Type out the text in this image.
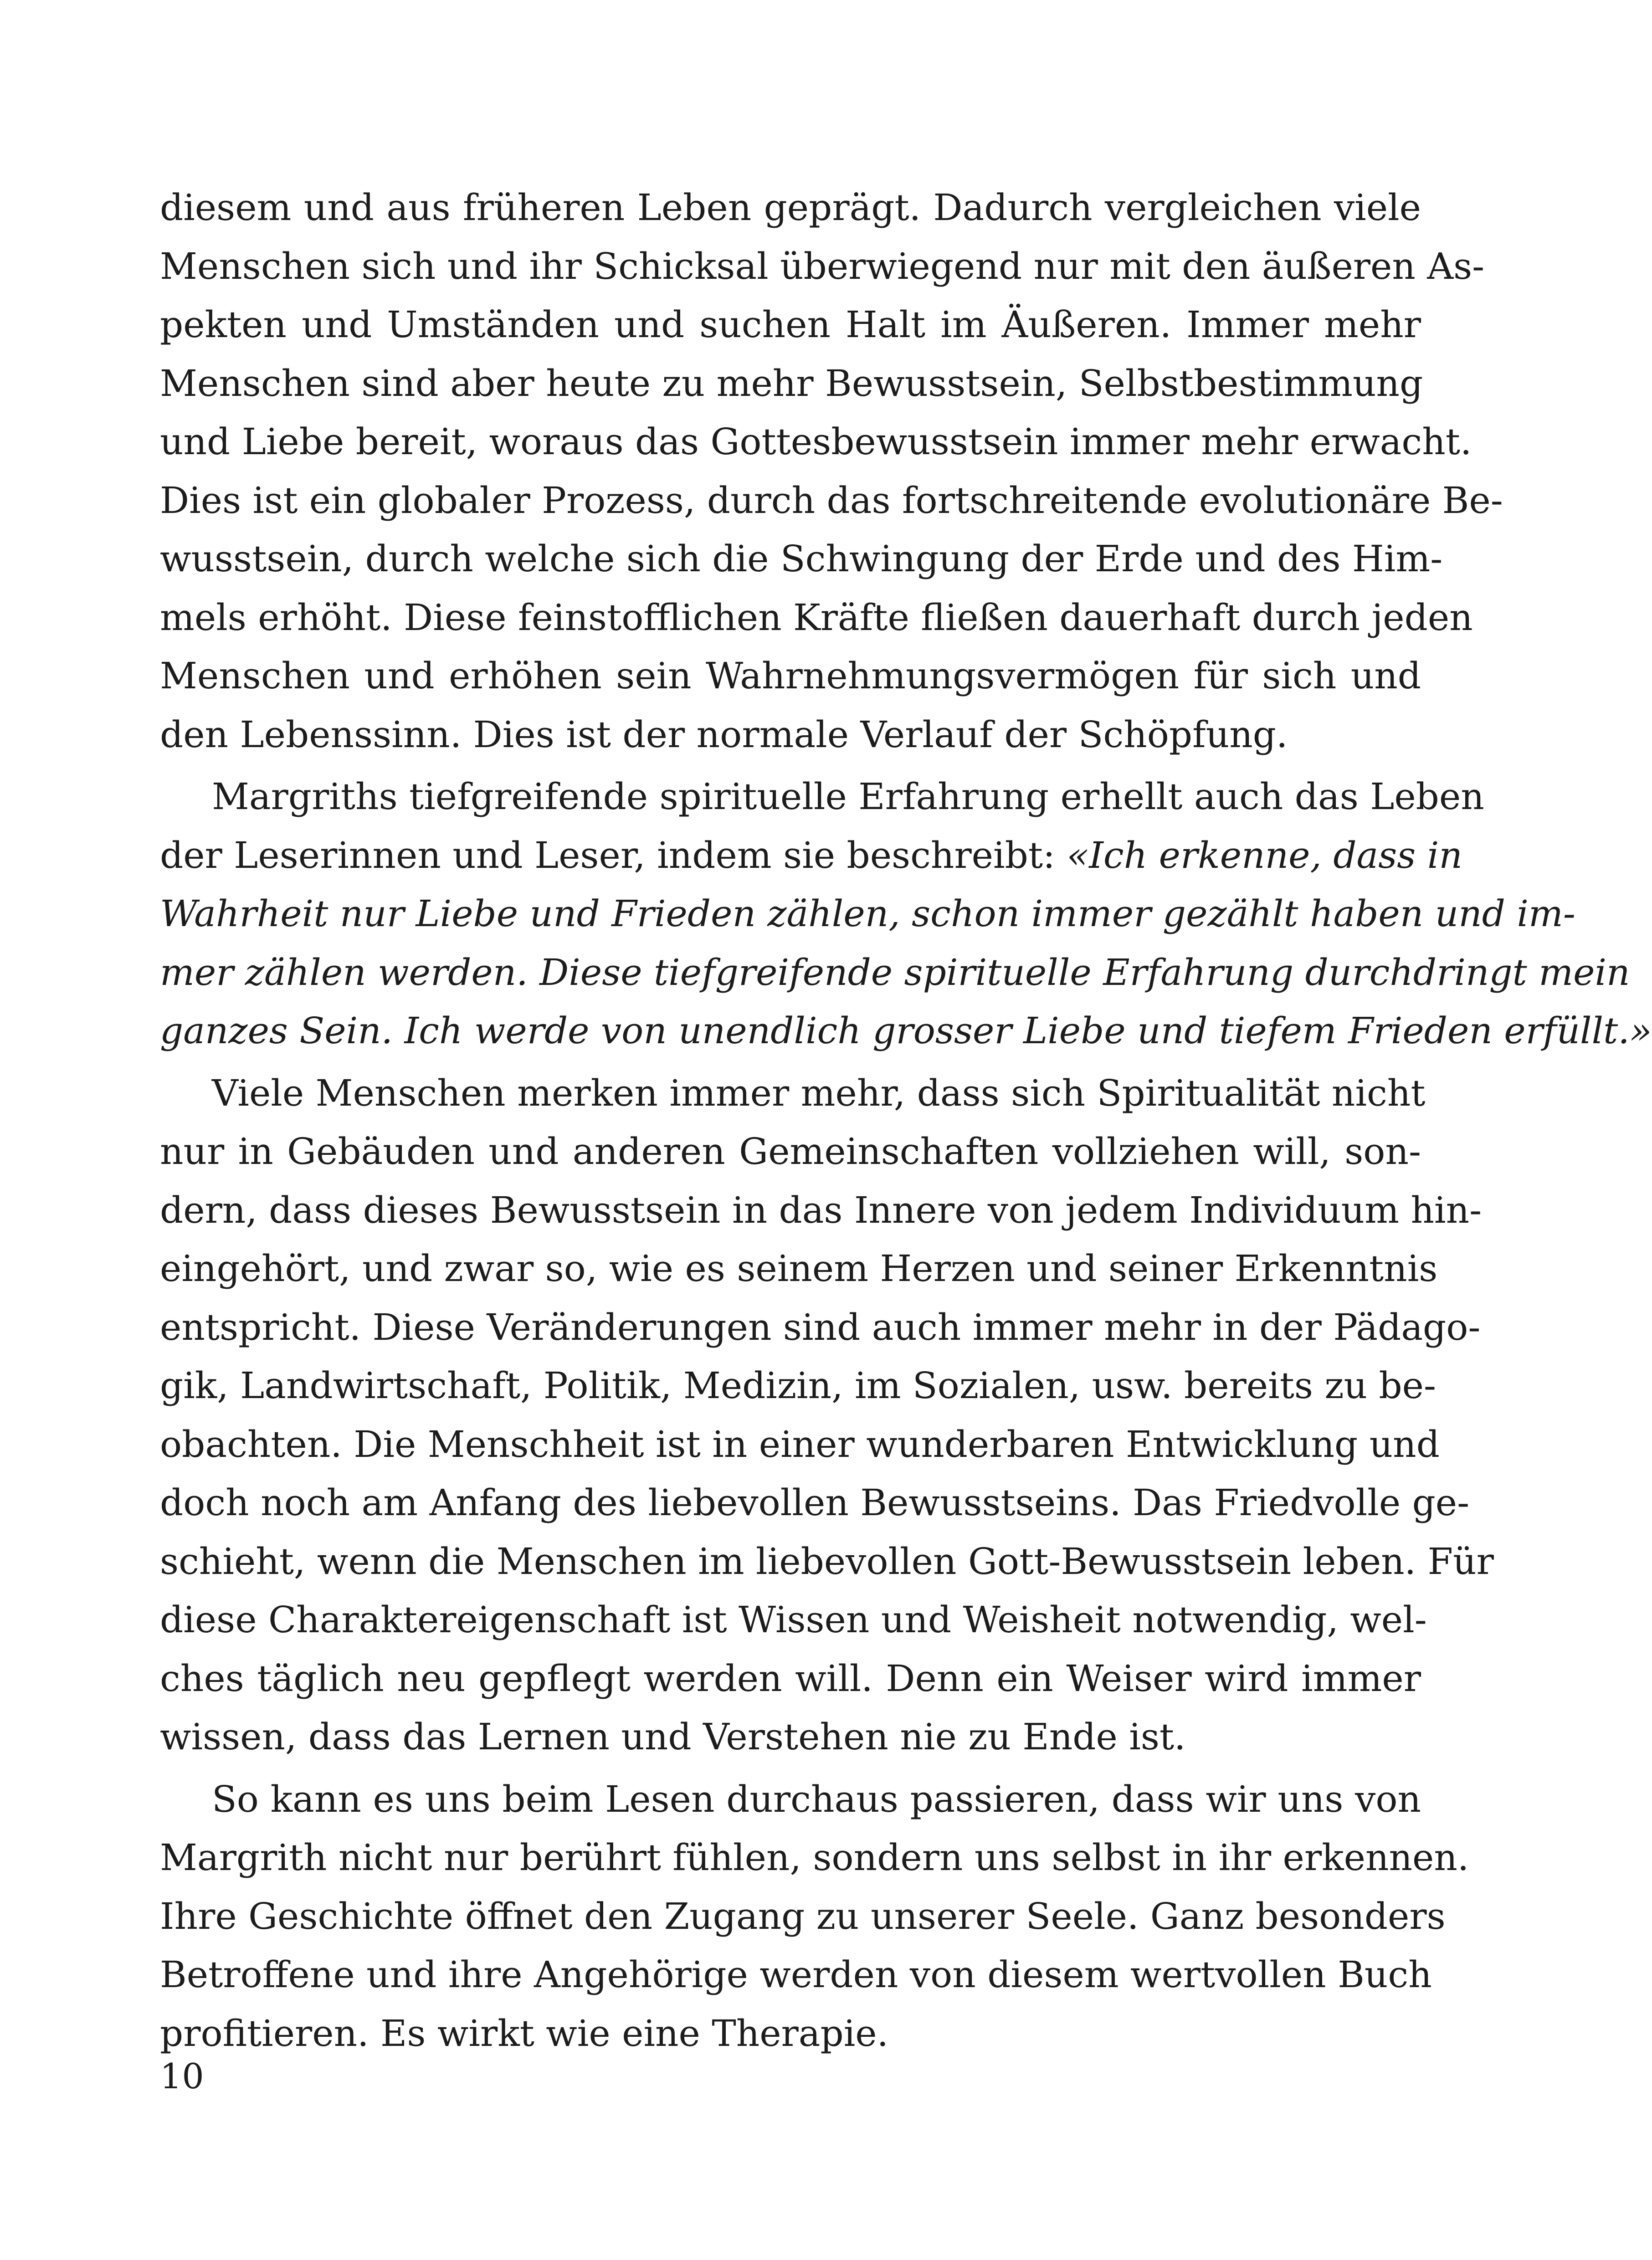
diesem und aus früheren Leben geprägt. Dadurch vergleichen viele
Menschen sich und ihr Schicksal überwiegend nur mit den äußeren As-
pekten und Umständen und suchen Halt im Äußeren. Immer mehr
Menschen sind aber heute zu mehr Bewusstsein, Selbstbestimmung
und Liebe bereit, woraus das Gottesbewusstsein immer mehr erwacht.
Dies ist ein globaler Prozess, durch das fortschreitende evolutionäre Be-
wusstsein, durch welche sich die Schwingung der Erde und des Him-
mels erhöht. Diese feinstofflichen Kräfte fließen dauerhaft durch jeden
Menschen und erhöhen sein Wahrnehmungsvermögen für sich und
den Lebenssinn. Dies ist der normale Verlauf der Schöpfung.

Margriths tiefgreifende spirituelle Erfahrung erhellt auch das Leben
der Leserinnen und Leser, indem sie beschreibt: «Ich erkenne, dass in
Wahrheit nur Liebe und Frieden zählen, schon immer gezählt haben und im-
mer zählen werden. Diese tiefgreifende spirituelle Erfahrung durchdringt mein
ganzes Sein. Ich werde von unendlich grosser Liebe und tiefem Frieden erfüllt.»

Viele Menschen merken immer mehr, dass sich Spiritualität nicht
nur in Gebäuden und anderen Gemeinschaften vollziehen will, son-
dern, dass dieses Bewusstsein in das Innere von jedem Individuum hin-
eingehört, und zwar so, wie es seinem Herzen und seiner Erkenntnis
entspricht. Diese Veränderungen sind auch immer mehr in der Pädago-
gik, Landwirtschaft, Politik, Medizin, im Sozialen, usw. bereits zu be-
obachten. Die Menschheit ist in einer wunderbaren Entwicklung und
doch noch am Anfang des liebevollen Bewusstseins. Das Friedvolle ge-
schieht, wenn die Menschen im liebevollen Gott-Bewusstsein leben. Für
diese Charaktereigenschaft ist Wissen und Weisheit notwendig, wel-
ches täglich neu gepflegt werden will. Denn ein Weiser wird immer
wissen, dass das Lernen und Verstehen nie zu Ende ist.

So kann es uns beim Lesen durchaus passieren, dass wir uns von
Margrith nicht nur berührt fühlen, sondern uns selbst in ihr erkennen.
Ihre Geschichte öffnet den Zugang zu unserer Seele. Ganz besonders
Betroffene und ihre Angehörige werden von diesem wertvollen Buch
profitieren. Es wirkt wie eine Therapie.

10
